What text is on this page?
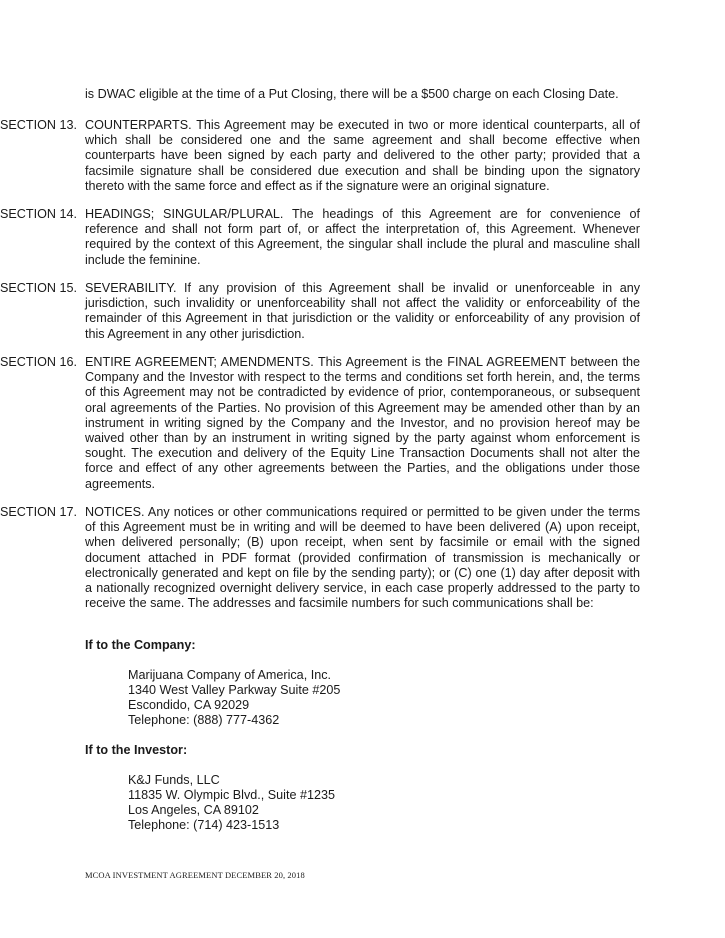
is DWAC eligible at the time of a Put Closing, there will be a $500 charge on each Closing Date.
SECTION 13. COUNTERPARTS. This Agreement may be executed in two or more identical counterparts, all of which shall be considered one and the same agreement and shall become effective when counterparts have been signed by each party and delivered to the other party; provided that a facsimile signature shall be considered due execution and shall be binding upon the signatory thereto with the same force and effect as if the signature were an original signature.

SECTION 14. HEADINGS; SINGULAR/PLURAL. The headings of this Agreement are for convenience of reference and shall not form part of, or affect the interpretation of, this Agreement. Whenever required by the context of this Agreement, the singular shall include the plural and masculine shall include the feminine.

SECTION 15. SEVERABILITY. If any provision of this Agreement shall be invalid or unenforceable in any jurisdiction, such invalidity or unenforceability shall not affect the validity or enforceability of the remainder of this Agreement in that jurisdiction or the validity or enforceability of any provision of this Agreement in any other jurisdiction.

SECTION 16. ENTIRE AGREEMENT; AMENDMENTS. This Agreement is the FINAL AGREEMENT between the Company and the Investor with respect to the terms and conditions set forth herein, and, the terms of this Agreement may not be contradicted by evidence of prior, contemporaneous, or subsequent oral agreements of the Parties. No provision of this Agreement may be amended other than by an instrument in writing signed by the Company and the Investor, and no provision hereof may be waived other than by an instrument in writing signed by the party against whom enforcement is sought. The execution and delivery of the Equity Line Transaction Documents shall not alter the force and effect of any other agreements between the Parties, and the obligations under those agreements.

SECTION 17. NOTICES. Any notices or other communications required or permitted to be given under the terms of this Agreement must be in writing and will be deemed to have been delivered (A) upon receipt, when delivered personally; (B) upon receipt, when sent by facsimile or email with the signed document attached in PDF format (provided confirmation of transmission is mechanically or electronically generated and kept on file by the sending party); or (C) one (1) day after deposit with a nationally recognized overnight delivery service, in each case properly addressed to the party to receive the same. The addresses and facsimile numbers for such communications shall be:

If to the Company:
Marijuana Company of America, Inc.
1340 West Valley Parkway Suite #205
Escondido, CA 92029
Telephone: (888) 777-4362
If to the Investor:
K&J Funds, LLC
11835 W. Olympic Blvd., Suite #1235
Los Angeles, CA 89102
Telephone: (714) 423-1513
MCOA INVESTMENT AGREEMENT DECEMBER 20, 2018
